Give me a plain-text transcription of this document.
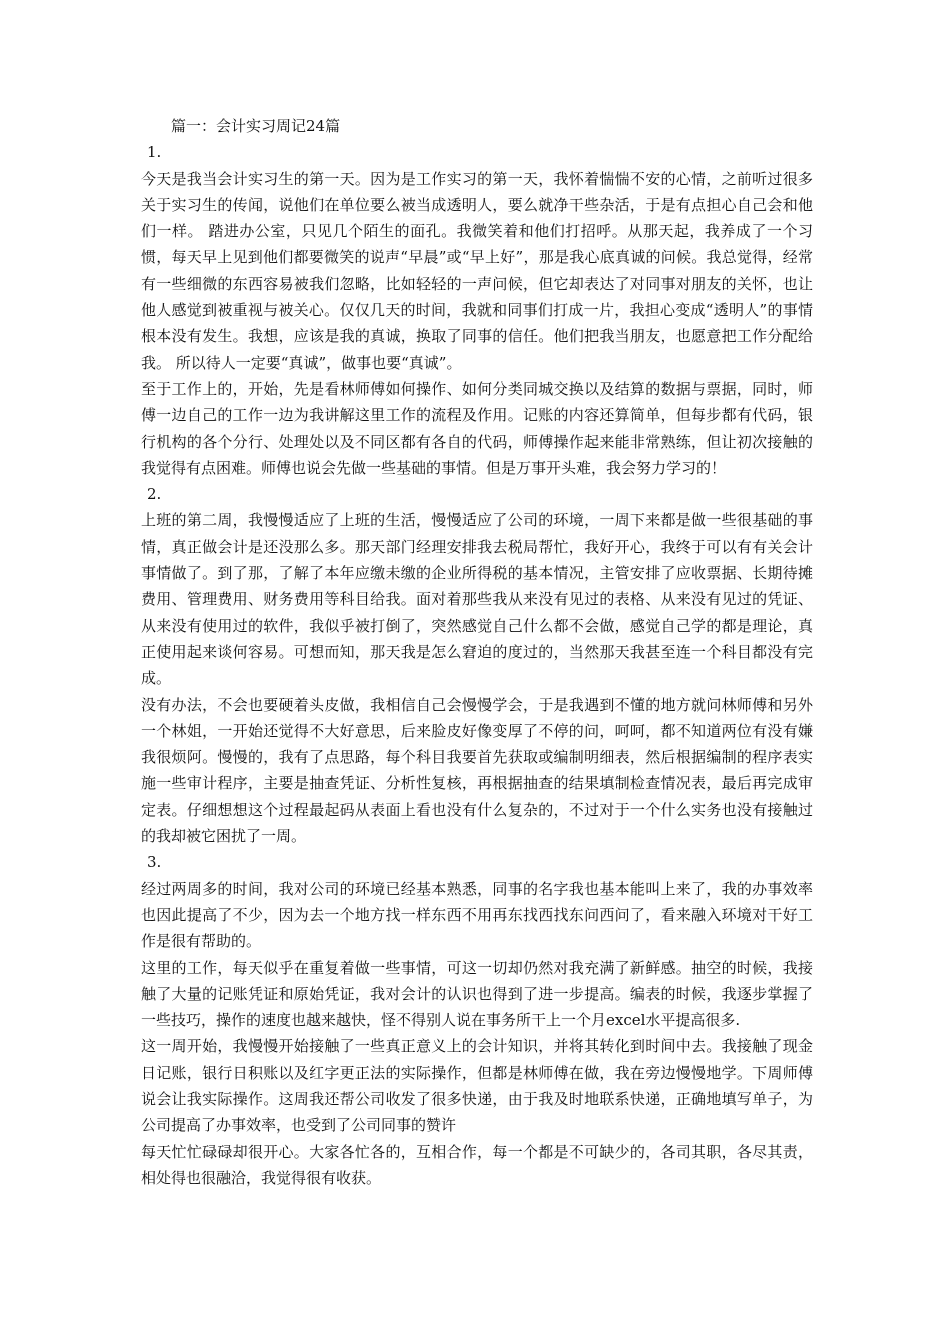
篇一：会计实习周记24篇

1.

今天是我当会计实习生的第一天。因为是工作实习的第一天，我怀着惴惴不安的心情，之前听过很多关于实习生的传闻，说他们在单位要么被当成透明人，要么就净干些杂活，于是有点担心自己会和他们一样。 踏进办公室，只见几个陌生的面孔。我微笑着和他们打招呼。从那天起，我养成了一个习惯，每天早上见到他们都要微笑的说声“早晨”或“早上好”，那是我心底真诚的问候。我总觉得，经常有一些细微的东西容易被我们忽略，比如轻轻的一声问候，但它却表达了对同事对朋友的关怀，也让他人感觉到被重视与被关心。仅仅几天的时间，我就和同事们打成一片，我担心变成“透明人”的事情根本没有发生。我想，应该是我的真诚，换取了同事的信任。他们把我当朋友，也愿意把工作分配给我。 所以待人一定要“真诚”，做事也要“真诚”。

至于工作上的，开始，先是看林师傅如何操作、如何分类同城交换以及结算的数据与票据，同时，师傅一边自己的工作一边为我讲解这里工作的流程及作用。记账的内容还算简单，但每步都有代码，银行机构的各个分行、处理处以及不同区都有各自的代码，师傅操作起来能非常熟练，但让初次接触的我觉得有点困难。师傅也说会先做一些基础的事情。但是万事开头难，我会努力学习的！

2.

上班的第二周，我慢慢适应了上班的生活，慢慢适应了公司的环境，一周下来都是做一些很基础的事情，真正做会计是还没那么多。那天部门经理安排我去税局帮忙，我好开心，我终于可以有有关会计事情做了。到了那，了解了本年应缴未缴的企业所得税的基本情况，主管安排了应收票据、长期待摊费用、管理费用、财务费用等科目给我。面对着那些我从来没有见过的表格、从来没有见过的凭证、从来没有使用过的软件，我似乎被打倒了，突然感觉自己什么都不会做，感觉自己学的都是理论，真正使用起来谈何容易。可想而知，那天我是怎么窘迫的度过的，当然那天我甚至连一个科目都没有完成。

没有办法，不会也要硬着头皮做，我相信自己会慢慢学会，于是我遇到不懂的地方就问林师傅和另外一个林姐，一开始还觉得不大好意思，后来脸皮好像变厚了不停的问，呵呵，都不知道两位有没有嫌我很烦阿。慢慢的，我有了点思路，每个科目我要首先获取或编制明细表，然后根据编制的程序表实施一些审计程序，主要是抽查凭证、分析性复核，再根据抽查的结果填制检查情况表，最后再完成审定表。仔细想想这个过程最起码从表面上看也没有什么复杂的，不过对于一个什么实务也没有接触过的我却被它困扰了一周。

3.

经过两周多的时间，我对公司的环境已经基本熟悉，同事的名字我也基本能叫上来了，我的办事效率也因此提高了不少，因为去一个地方找一样东西不用再东找西找东问西问了，看来融入环境对干好工作是很有帮助的。

这里的工作，每天似乎在重复着做一些事情，可这一切却仍然对我充满了新鲜感。抽空的时候，我接触了大量的记账凭证和原始凭证，我对会计的认识也得到了进一步提高。编表的时候，我逐步掌握了一些技巧，操作的速度也越来越快，怪不得别人说在事务所干上一个月excel水平提高很多.

这一周开始，我慢慢开始接触了一些真正意义上的会计知识，并将其转化到时间中去。我接触了现金日记账，银行日积账以及红字更正法的实际操作，但都是林师傅在做，我在旁边慢慢地学。下周师傅说会让我实际操作。这周我还帮公司收发了很多快递，由于我及时地联系快递，正确地填写单子，为公司提高了办事效率，也受到了公司同事的赞许

每天忙忙碌碌却很开心。大家各忙各的，互相合作，每一个都是不可缺少的，各司其职，各尽其责，相处得也很融洽，我觉得很有收获。
